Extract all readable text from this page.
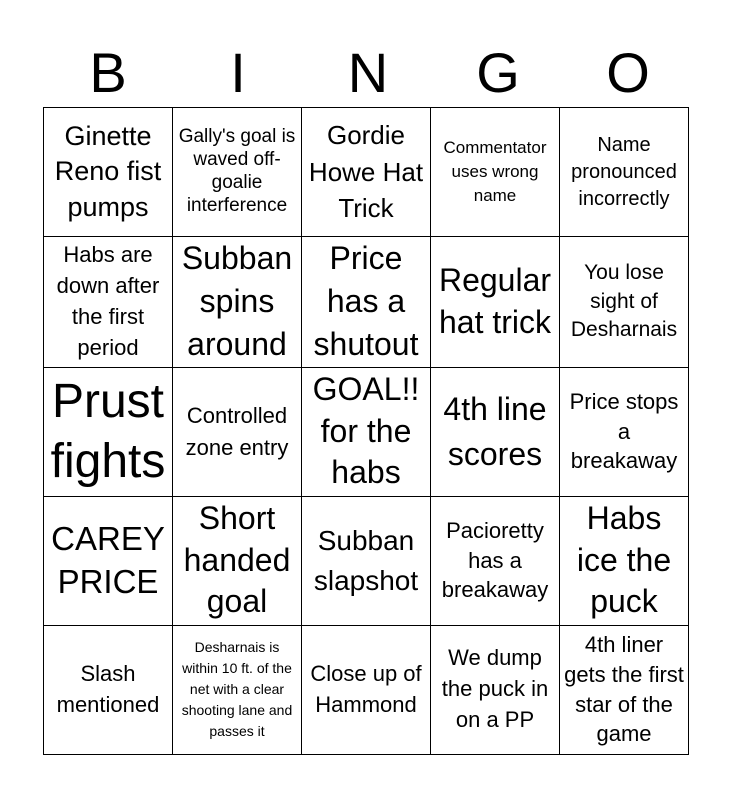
B	I	N	G	O
Ginette Reno fist pumps	Gally's goal is waved off- goalie interference	Gordie Howe Hat Trick	Commentator uses wrong name	Name pronounced incorrectly
Habs are down after the first period	Subban spins around	Price has a shutout	Regular hat trick	You lose sight of Desharnais
Prust fights	Controlled zone entry	GOAL!! for the habs	4th line scores	Price stops a breakaway
CAREY PRICE	Short handed goal	Subban slapshot	Pacioretty has a breakaway	Habs ice the puck
Slash mentioned	Desharnais is within 10 ft. of the net with a clear shooting lane and passes it	Close up of Hammond	We dump the puck in on a PP	4th liner gets the first star of the game
